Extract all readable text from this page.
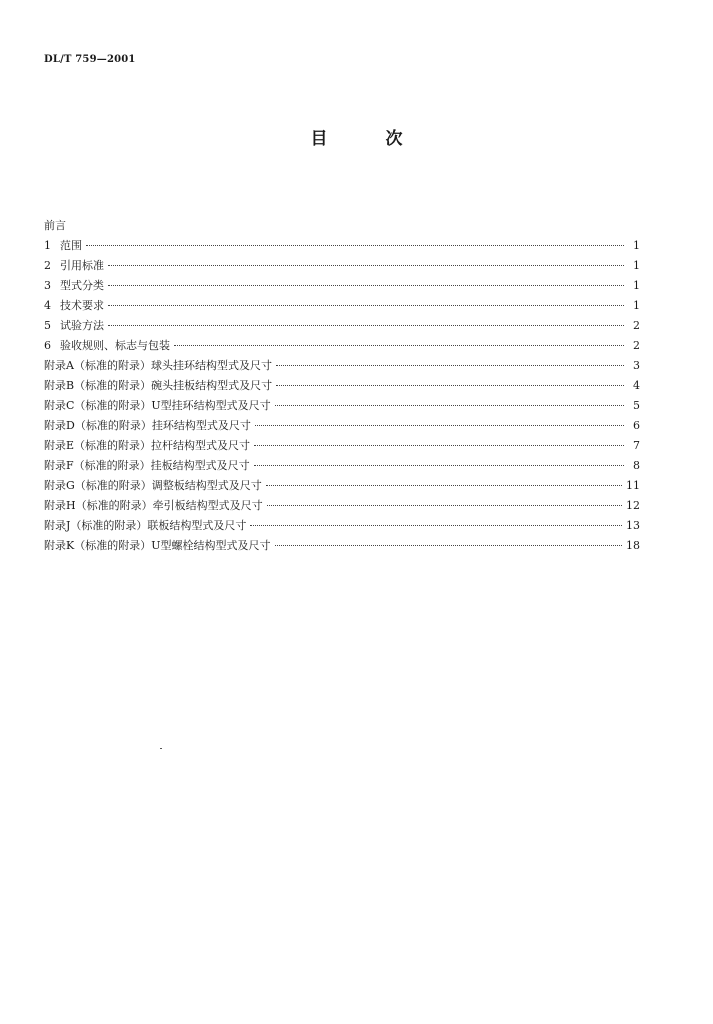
DL/T 759—2001
目	次
前言
1 范围	1
2 引用标准	1
3 型式分类	1
4 技术要求	1
5 试验方法	2
6 验收规则、标志与包装	2
附录A（标准的附录）球头挂环结构型式及尺寸	3
附录B（标准的附录）碗头挂板结构型式及尺寸	4
附录C（标准的附录）U型挂环结构型式及尺寸	5
附录D（标准的附录）挂环结构型式及尺寸	6
附录E（标准的附录）拉杆结构型式及尺寸	7
附录F（标准的附录）挂板结构型式及尺寸	8
附录G（标准的附录）调整板结构型式及尺寸	11
附录H（标准的附录）牵引板结构型式及尺寸	12
附录J（标准的附录）联板结构型式及尺寸	13
附录K（标准的附录）U型螺栓结构型式及尺寸	18
